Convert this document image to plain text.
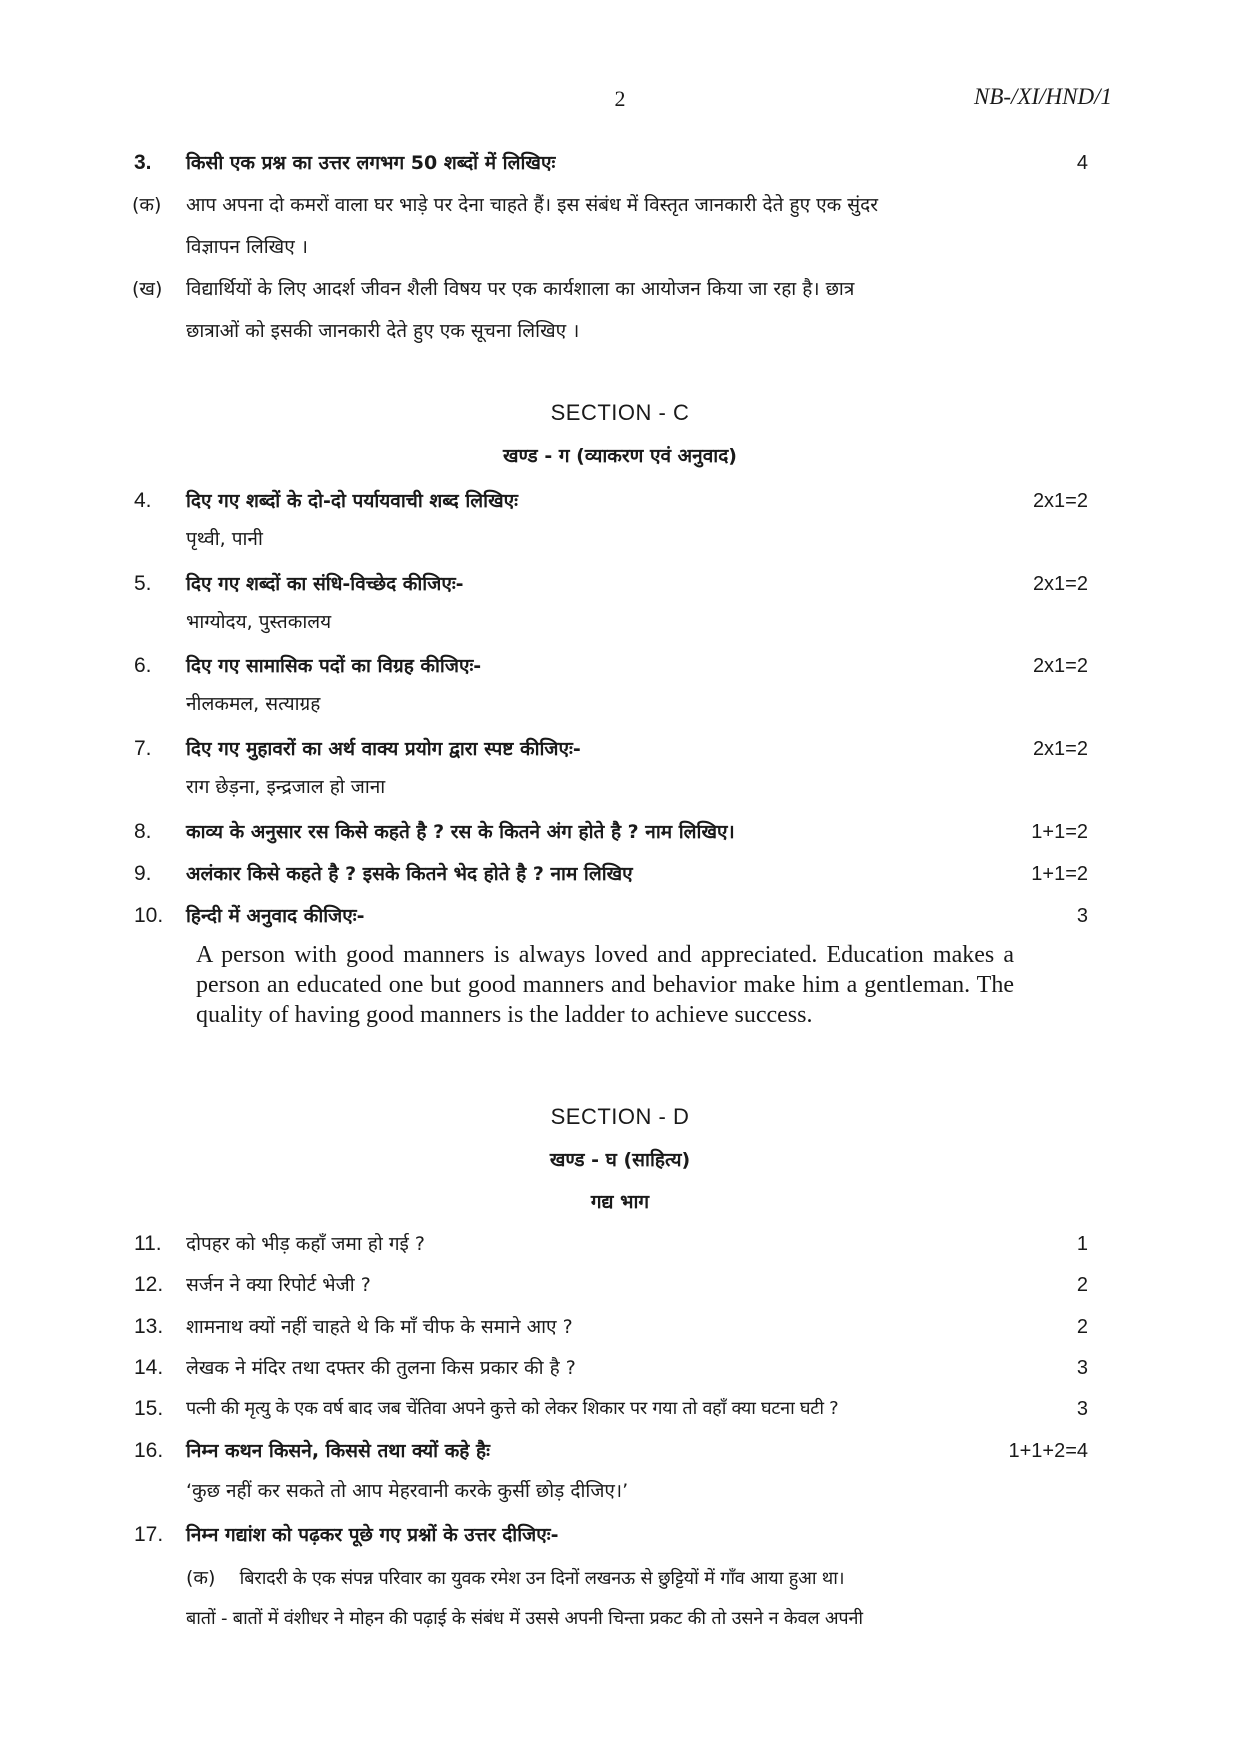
2	NB-/XI/HND/1
3.	किसी एक प्रश्न का उत्तर लगभग 50 शब्दों में लिखिएः	4
(क) आप अपना दो कमरों वाला घर भाड़े पर देना चाहते हैं। इस संबंध में विस्तृत जानकारी देते हुए एक सुंदर
विज्ञापन लिखिए ।
(ख) विद्यार्थियों के लिए आदर्श जीवन शैली विषय पर एक कार्यशाला का आयोजन किया जा रहा है। छात्र
छात्राओं को इसकी जानकारी देते हुए एक सूचना लिखिए ।
SECTION - C
खण्ड - ग (व्याकरण एवं अनुवाद)
4.	दिए गए शब्दों के दो-दो पर्यायवाची शब्द लिखिएः	2x1=2
पृथ्वी, पानी
5.	दिए गए शब्दों का संधि-विच्छेद कीजिएः-	2x1=2
भाग्योदय, पुस्तकालय
6.	दिए गए सामासिक पदों का विग्रह कीजिएः-	2x1=2
नीलकमल, सत्याग्रह
7.	दिए गए मुहावरों का अर्थ वाक्य प्रयोग द्वारा स्पष्ट कीजिएः-	2x1=2
राग छेड़ना, इन्द्रजाल हो जाना
8.	काव्य के अनुसार रस किसे कहते है ? रस के कितने अंग होते है ? नाम लिखिए।	1+1=2
9.	अलंकार किसे कहते है ? इसके कितने भेद होते है ? नाम लिखिए	1+1=2
10.	हिन्दी में अनुवाद कीजिएः-	3
A person with good manners is always loved and appreciated. Education makes a person an educated one but good manners and behavior make him a gentleman. The quality of having good manners is the ladder to achieve success.
SECTION - D
खण्ड - घ (साहित्य)
गद्य भाग
11.	दोपहर को भीड़ कहाँ जमा हो गई ?	1
12.	सर्जन ने क्या रिपोर्ट भेजी ?	2
13.	शामनाथ क्यों नहीं चाहते थे कि माँ चीफ के समाने आए ?	2
14.	लेखक ने मंदिर तथा दफ्तर की तुलना किस प्रकार की है ?	3
15.	पत्नी की मृत्यु के एक वर्ष बाद जब चेंतिवा अपने कुत्ते को लेकर शिकार पर गया तो वहाँ क्या घटना घटी ?	3
16.	निम्न कथन किसने, किससे तथा क्यों कहे हैः	1+1+2=4
‘कुछ नहीं कर सकते तो आप मेहरवानी करके कुर्सी छोड़ दीजिए।’
17.	निम्न गद्यांश को पढ़कर पूछे गए प्रश्नों के उत्तर दीजिएः-
(क) बिरादरी के एक संपन्न परिवार का युवक रमेश उन दिनों लखनऊ से छुट्टियों में गाँव आया हुआ था।
बातों - बातों में वंशीधर ने मोहन की पढ़ाई के संबंध में उससे अपनी चिन्ता प्रकट की तो उसने न केवल अपनी
